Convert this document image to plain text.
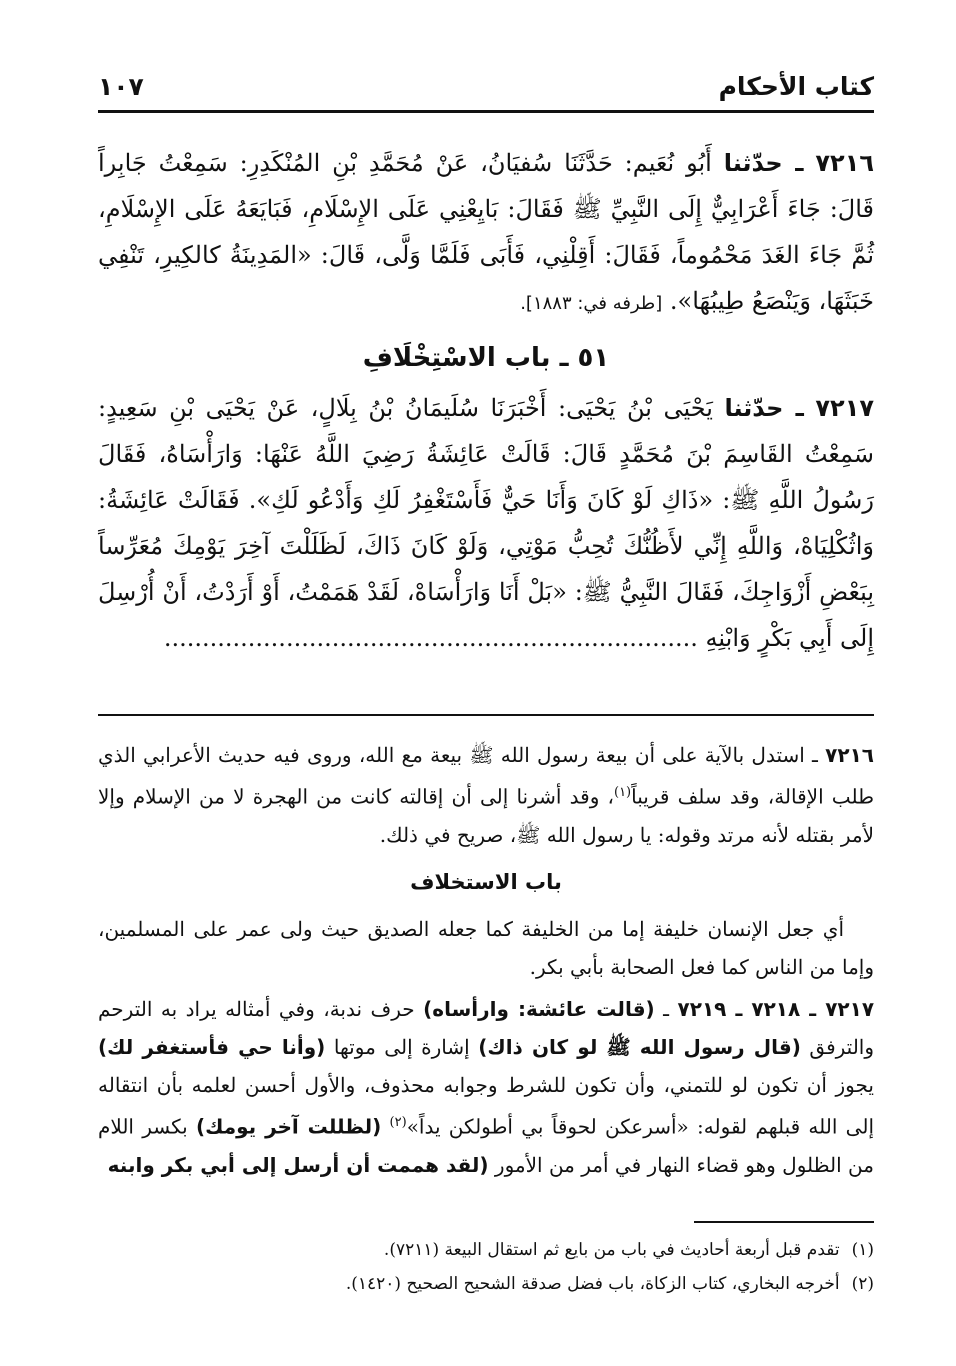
كتاب الأحكام
١٠٧
٧٢١٦ ـ حدّثنا أَبُو نُعَيم: حَدَّثَنَا سُفيَانُ، عَنْ مُحَمَّدِ بْنِ المُنْكَدِرِ: سَمِعْتُ جَابِراً قَالَ: جَاءَ أَعْرَابِيٌّ إِلَى النَّبِيِّ ﷺ فَقَالَ: بَايِعْنِي عَلَى الإِسْلَامِ، فَبَايَعَهُ عَلَى الإِسْلَامِ، ثُمَّ جَاءَ الغَدَ مَحْمُوماً، فَقَالَ: أَقِلْنِي، فَأَبَى فَلَمَّا وَلَّى، قَالَ: «المَدِينَةُ كالكِيرِ، تَنْفِي خَبَثَهَا، وَيَنْصَعُ طِيبُهَا». [طرفه في: ١٨٨٣].
٥١ ـ باب الاسْتِخْلَافِ
٧٢١٧ ـ حدّثنا يَحْيَى بْنُ يَحْيَى: أَخْبَرَنَا سُلَيمَانُ بْنُ بِلَالٍ، عَنْ يَحْيَى بْنِ سَعِيدٍ: سَمِعْتُ القَاسِمَ بْنَ مُحَمَّدٍ قَالَ: قَالَتْ عَائِشَةُ رَضِيَ اللَّهُ عَنْهَا: وَارَأْسَاهُ، فَقَالَ رَسُولُ اللَّهِ ﷺ: «ذَاكِ لَوْ كَانَ وَأَنَا حَيٌّ فَأَسْتَغْفِرُ لَكِ وَأَدْعُو لَكِ». فَقَالَتْ عَائِشَةُ: وَاثُكْلِيَاهْ، وَاللَّهِ إِنِّي لأَظُنُّكَ تُحِبُّ مَوْتِي، وَلَوْ كَانَ ذَاكَ، لَظَلَلْتَ آخِرَ يَوْمِكَ مُعَرِّساً بِبَعْضِ أَزْوَاجِكَ، فَقَالَ النَّبِيُّ ﷺ: «بَلْ أَنَا وَارَأْسَاهْ، لَقَدْ هَمَمْتُ، أَوْ أَرَدْتُ، أَنْ أُرْسِلَ إِلَى أَبِي بَكْرٍ وَابْنِهِ ......................................................................
٧٢١٦ ـ استدل بالآية على أن بيعة رسول الله ﷺ بيعة مع الله، وروى فيه حديث الأعرابي الذي طلب الإقالة، وقد سلف قريباً$^{(١)}$، وقد أشرنا إلى أن إقالته كانت من الهجرة لا من الإسلام وإلا لأمر بقتله لأنه مرتد وقوله: يا رسول الله ﷺ، صريح في ذلك.
باب الاستخلاف
أي جعل الإنسان خليفة إما من الخليفة كما جعله الصديق حيث ولى عمر على المسلمين، وإما من الناس كما فعل الصحابة بأبي بكر.
٧٢١٧ ـ ٧٢١٨ ـ ٧٢١٩ ـ (قالت عائشة: وارأساه) حرف ندبة، وفي أمثاله يراد به الترحم والترفق (قال رسول الله ﷺ لو كان ذاك) إشارة إلى موتها (وأنا حي فأستغفر لك) يجوز أن تكون لو للتمني، وأن تكون للشرط وجوابه محذوف، والأول أحسن لعلمه بأن انتقاله إلى الله قبلهم لقوله: «أسرعكن لحوقاً بي أطولكن يداً»$^{(٢)}$ (لظللت آخر يومك) بكسر اللام من الظلول وهو قضاء النهار في أمر من الأمور (لقد هممت أن أرسل إلى أبي بكر وابنه
(١)تقدم قبل أربعة أحاديث في باب من بايع ثم استقال البيعة (٧٢١١).
(٢)أخرجه البخاري، كتاب الزكاة، باب فضل صدقة الشحيح الصحيح (١٤٢٠).
